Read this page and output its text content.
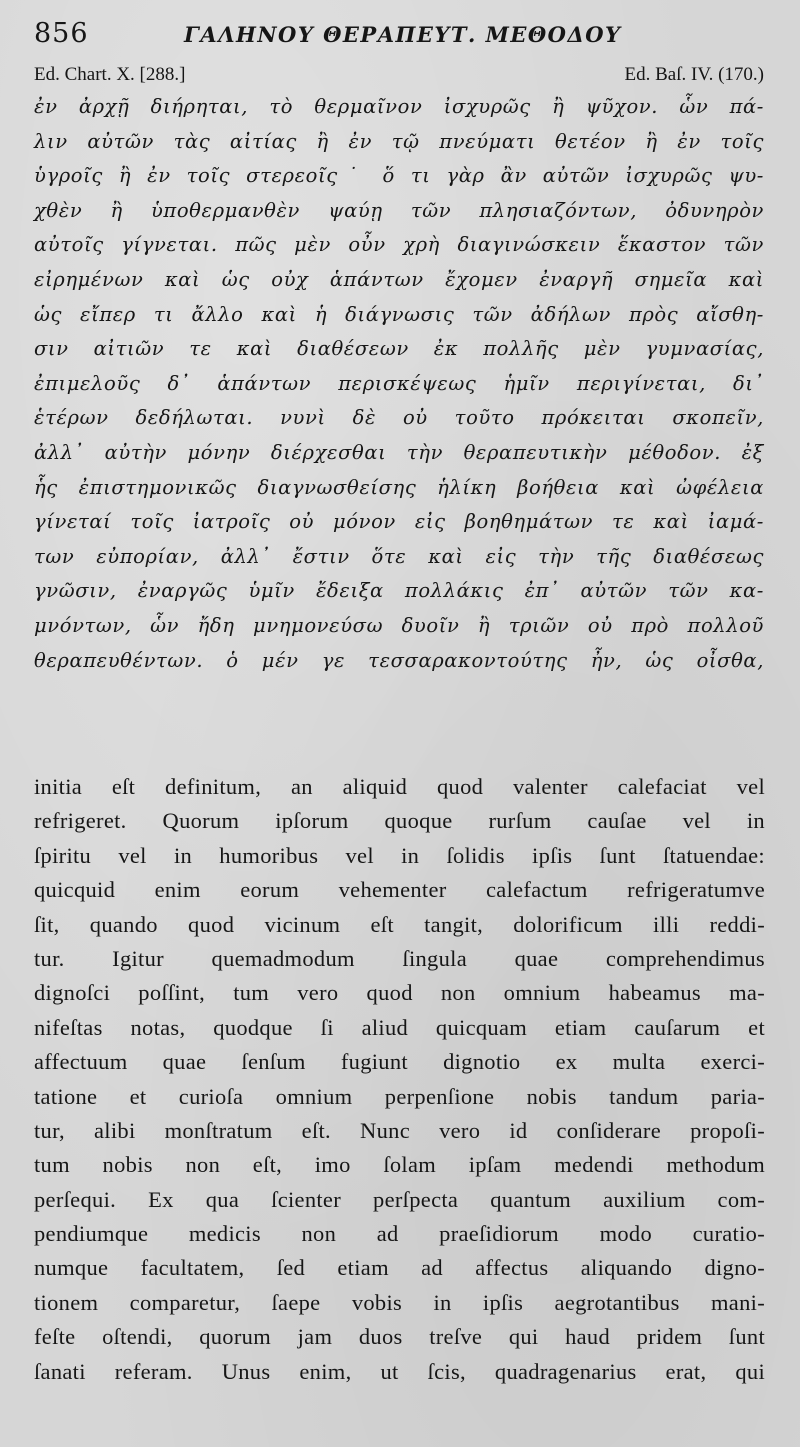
856	ΓΑΛΗΝΟΥ ΘΕΡΑΠΕΥΤ. ΜΕΘΟΔΟΥ
Ed. Chart. X. [288.]	Ed. Baſ. IV. (170.)
ἐν ἀρχῇ διήρηται, τὸ θερμαῖνον ἰσχυρῶς ἢ ψῦχον. ὧν πά-
λιν αὐτῶν τὰς αἰτίας ἢ ἐν τῷ πνεύματι θετέον ἢ ἐν τοῖς
ὑγροῖς ἢ ἐν τοῖς στερεοῖς˙ ὅ τι γὰρ ἂν αὐτῶν ἰσχυρῶς ψυ-
χθὲν ἢ ὑποθερμανθὲν ψαύῃ τῶν πλησιαζόντων, ὀδυνηρὸν
αὐτοῖς γίγνεται. πῶς μὲν οὖν χρὴ διαγινώσκειν ἕκαστον τῶν
εἰρημένων καὶ ὡς οὐχ ἁπάντων ἔχομεν ἐναργῆ σημεῖα καὶ
ὡς εἴπερ τι ἄλλο καὶ ἡ διάγνωσις τῶν ἀδήλων πρὸς αἴσθη-
σιν αἰτιῶν τε καὶ διαθέσεων ἐκ πολλῆς μὲν γυμνασίας,
ἐπιμελοῦς δ᾽ ἁπάντων περισκέψεως ἡμῖν περιγίνεται, δι᾽
ἑτέρων δεδήλωται. νυνὶ δὲ οὐ τοῦτο πρόκειται σκοπεῖν,
ἀλλ᾽ αὐτὴν μόνην διέρχεσθαι τὴν θεραπευτικὴν μέθοδον. ἐξ
ἧς ἐπιστημονικῶς διαγνωσθείσης ἡλίκη βοήθεια καὶ ὠφέλεια
γίνεταί τοῖς ἰατροῖς οὐ μόνον εἰς βοηθημάτων τε καὶ ἰαμά-
των εὐπορίαν, ἀλλ᾽ ἔστιν ὅτε καὶ εἰς τὴν τῆς διαθέσεως
γνῶσιν, ἐναργῶς ὑμῖν ἔδειξα πολλάκις ἐπ᾽ αὐτῶν τῶν κα-
μνόντων, ὧν ἤδη μνημονεύσω δυοῖν ἢ τριῶν οὐ πρὸ πολλοῦ
θεραπευθέντων. ὁ μέν γε τεσσαρακοντούτης ἦν, ὡς οἶσθα,
initia eſt definitum, an aliquid quod valenter calefaciat vel
refrigeret. Quorum ipſorum quoque rurſum cauſae vel in
ſpiritu vel in humoribus vel in ſolidis ipſis ſunt ſtatuendae:
quicquid enim eorum vehementer calefactum refrigeratumve
ſit, quando quod vicinum eſt tangit, dolorificum illi reddi-
tur. Igitur quemadmodum ſingula quae comprehendimus
dignoſci poſſint, tum vero quod non omnium habeamus ma-
nifeſtas notas, quodque ſi aliud quicquam etiam cauſarum et
affectuum quae ſenſum fugiunt dignotio ex multa exerci-
tatione et curioſa omnium perpenſione nobis tandum paria-
tur, alibi monſtratum eſt. Nunc vero id conſiderare propoſi-
tum nobis non eſt, imo ſolam ipſam medendi methodum
perſequi. Ex qua ſcienter perſpecta quantum auxilium com-
pendiumque medicis non ad praeſidiorum modo curatio-
numque facultatem, ſed etiam ad affectus aliquando digno-
tionem comparetur, ſaepe vobis in ipſis aegrotantibus mani-
feſte oſtendi, quorum jam duos treſve qui haud pridem ſunt
ſanati referam. Unus enim, ut ſcis, quadragenarius erat, qui
